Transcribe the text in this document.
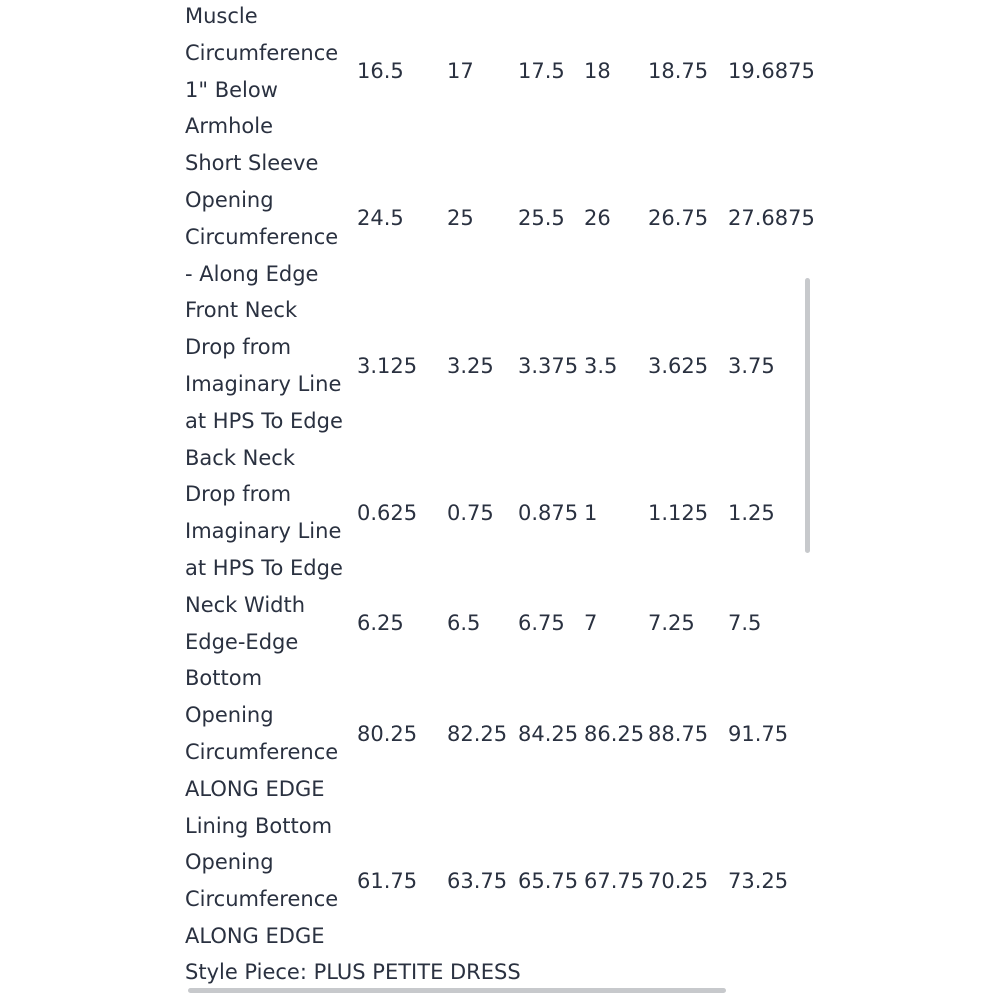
Muscle
Circumference
1" Below
Armhole	16.5	17	17.5	18	18.75	19.6875
Short Sleeve
Opening
Circumference
- Along Edge	24.5	25	25.5	26	26.75	27.6875
Front Neck
Drop from
Imaginary Line
at HPS To Edge	3.125	3.25	3.375	3.5	3.625	3.75
Back Neck
Drop from
Imaginary Line
at HPS To Edge	0.625	0.75	0.875	1	1.125	1.25
Neck Width
Edge-Edge	6.25	6.5	6.75	7	7.25	7.5
Bottom
Opening
Circumference
ALONG EDGE	80.25	82.25	84.25	86.25	88.75	91.75
Lining Bottom
Opening
Circumference
ALONG EDGE	61.75	63.75	65.75	67.75	70.25	73.25
Style Piece: PLUS PETITE DRESS
